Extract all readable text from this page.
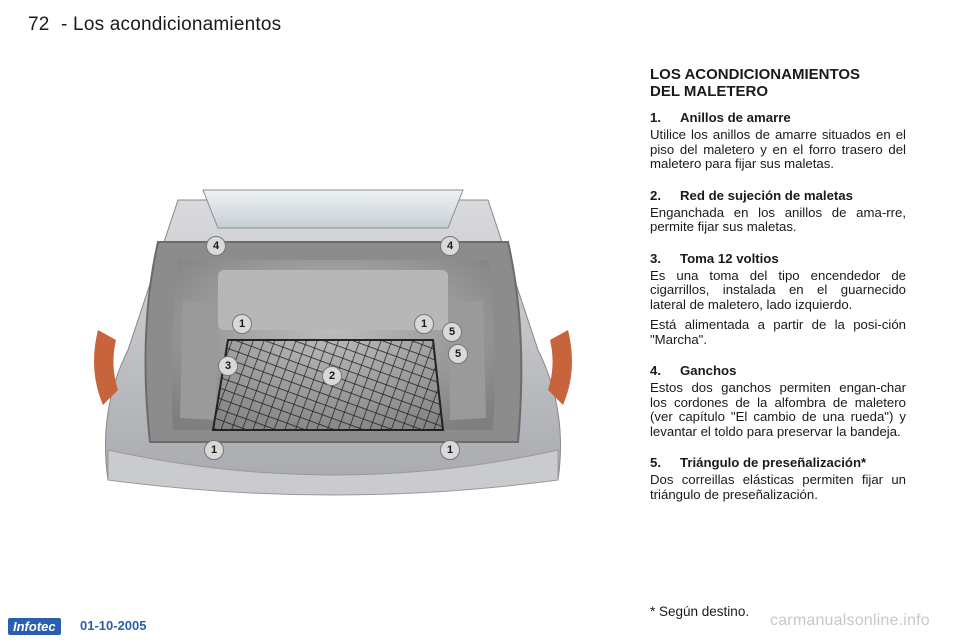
72 - Los acondicionamientos
4	4
1	1
5
5
3
2
1	1
LOS ACONDICIONAMIENTOS
DEL MALETERO
1. Anillos de amarre

Utilice los anillos de amarre situados en el piso del maletero y en el forro trasero del maletero para fijar sus maletas.

2. Red de sujeción de maletas

Enganchada en los anillos de ama-rre, permite fijar sus maletas.

3. Toma 12 voltios

Es una toma del tipo encendedor de cigarrillos, instalada en el guarnecido lateral de maletero, lado izquierdo.

Está alimentada a partir de la posi-ción "Marcha".

4. Ganchos

Estos dos ganchos permiten engan-char los cordones de la alfombra de maletero (ver capítulo "El cambio de una rueda") y levantar el toldo para preservar la bandeja.

5. Triángulo de preseñalización*

Dos correillas elásticas permiten fijar un triángulo de preseñalización.

* Según destino.
Infotec	01-10-2005	carmanualsonline.info
